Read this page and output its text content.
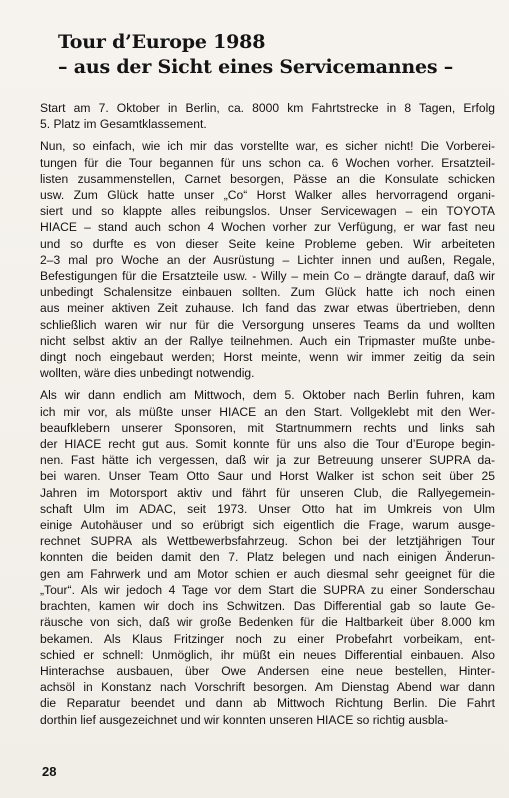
Tour d’Europe 1988
– aus der Sicht eines Servicemannes –

Start am 7. Oktober in Berlin, ca. 8000 km Fahrtstrecke in 8 Tagen, Erfolg
5. Platz im Gesamtklassement.

Nun, so einfach, wie ich mir das vorstellte war, es sicher nicht! Die Vorberei-
tungen für die Tour begannen für uns schon ca. 6 Wochen vorher. Ersatzteil-
listen zusammenstellen, Carnet besorgen, Pässe an die Konsulate schicken
usw. Zum Glück hatte unser „Co“ Horst Walker alles hervorragend organi-
siert und so klappte alles reibungslos. Unser Servicewagen – ein TOYOTA
HIACE – stand auch schon 4 Wochen vorher zur Verfügung, er war fast neu
und so durfte es von dieser Seite keine Probleme geben. Wir arbeiteten
2–3 mal pro Woche an der Ausrüstung – Lichter innen und außen, Regale,
Befestigungen für die Ersatzteile usw. - Willy – mein Co – drängte darauf, daß wir
unbedingt Schalensitze einbauen sollten. Zum Glück hatte ich noch einen
aus meiner aktiven Zeit zuhause. Ich fand das zwar etwas übertrieben, denn
schließlich waren wir nur für die Versorgung unseres Teams da und wollten
nicht selbst aktiv an der Rallye teilnehmen. Auch ein Tripmaster mußte unbe-
dingt noch eingebaut werden; Horst meinte, wenn wir immer zeitig da sein
wollten, wäre dies unbedingt notwendig.

Als wir dann endlich am Mittwoch, dem 5. Oktober nach Berlin fuhren, kam
ich mir vor, als müßte unser HIACE an den Start. Vollgeklebt mit den Wer-
beaufklebern unserer Sponsoren, mit Startnummern rechts und links sah
der HIACE recht gut aus. Somit konnte für uns also die Tour d’Europe begin-
nen. Fast hätte ich vergessen, daß wir ja zur Betreuung unserer SUPRA da-
bei waren. Unser Team Otto Saur und Horst Walker ist schon seit über 25
Jahren im Motorsport aktiv und fährt für unseren Club, die Rallyegemein-
schaft Ulm im ADAC, seit 1973. Unser Otto hat im Umkreis von Ulm
einige Autohäuser und so erübrigt sich eigentlich die Frage, warum ausge-
rechnet SUPRA als Wettbewerbsfahrzeug. Schon bei der letztjährigen Tour
konnten die beiden damit den 7. Platz belegen und nach einigen Änderun-
gen am Fahrwerk und am Motor schien er auch diesmal sehr geeignet für die
„Tour“. Als wir jedoch 4 Tage vor dem Start die SUPRA zu einer Sonderschau
brachten, kamen wir doch ins Schwitzen. Das Differential gab so laute Ge-
räusche von sich, daß wir große Bedenken für die Haltbarkeit über 8.000 km
bekamen. Als Klaus Fritzinger noch zu einer Probefahrt vorbeikam, ent-
schied er schnell: Unmöglich, ihr müßt ein neues Differential einbauen. Also
Hinterachse ausbauen, über Owe Andersen eine neue bestellen, Hinter-
achsöl in Konstanz nach Vorschrift besorgen. Am Dienstag Abend war dann
die Reparatur beendet und dann ab Mittwoch Richtung Berlin. Die Fahrt
dorthin lief ausgezeichnet und wir konnten unseren HIACE so richtig ausbla-

28
